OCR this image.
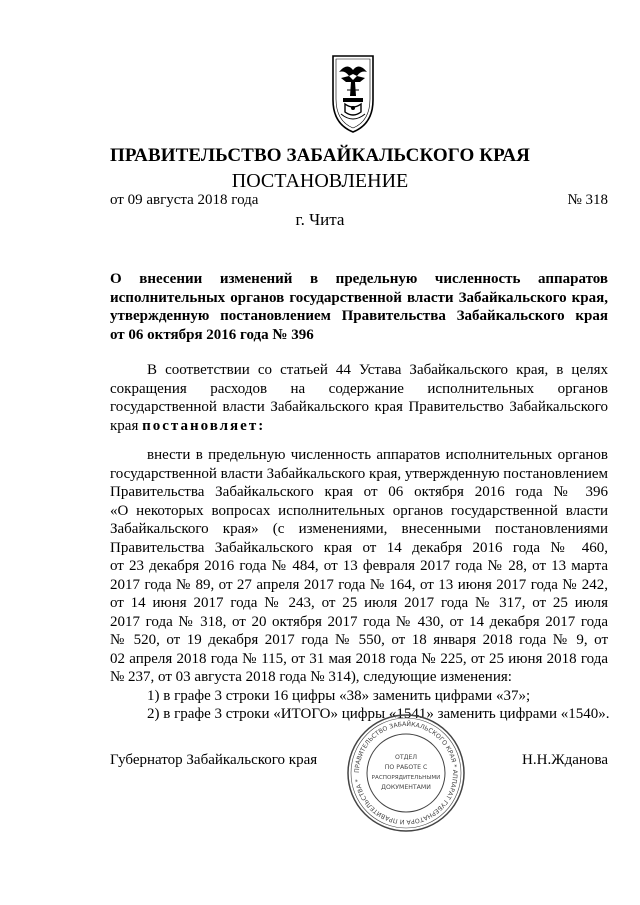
ПРАВИТЕЛЬСТВО ЗАБАЙКАЛЬСКОГО КРАЯ
ПОСТАНОВЛЕНИЕ
от 09 августа 2018 года	№ 318
г. Чита
О внесении изменений в предельную численность аппаратов
исполнительных органов государственной власти Забайкальского края,
утвержденную постановлением Правительства Забайкальского края
от 06 октября 2016 года № 396
В соответствии со статьей 44 Устава Забайкальского края, в целях
сокращения расходов на содержание исполнительных органов
государственной власти Забайкальского края Правительство Забайкальского
края постановляет:
внести в предельную численность аппаратов исполнительных органов
государственной власти Забайкальского края, утвержденную постановлением
Правительства Забайкальского края от 06 октября 2016 года № 396
«О некоторых вопросах исполнительных органов государственной власти
Забайкальского края» (с изменениями, внесенными постановлениями
Правительства Забайкальского края от 14 декабря 2016 года № 460,
от 23 декабря 2016 года № 484, от 13 февраля 2017 года № 28, от 13 марта
2017 года № 89, от 27 апреля 2017 года № 164, от 13 июня 2017 года № 242,
от 14 июня 2017 года № 243, от 25 июля 2017 года № 317, от 25 июля
2017 года № 318, от 20 октября 2017 года № 430, от 14 декабря 2017 года
№ 520, от 19 декабря 2017 года № 550, от 18 января 2018 года № 9, от
02 апреля 2018 года № 115, от 31 мая 2018 года № 225, от 25 июня 2018 года
№ 237, от 03 августа 2018 года № 314), следующие изменения:
1) в графе 3 строки 16 цифры «38» заменить цифрами «37»;
2) в графе 3 строки «ИТОГО» цифры «1541» заменить цифрами «1540».
Губернатор Забайкальского края	Н.Н.Жданова
ПРАВИТЕЛЬСТВО ЗАБАЙКАЛЬСКОГО КРАЯ * АППАРАТ ГУБЕРНАТОРА И ПРАВИТЕЛЬСТВА *
ОТДЕЛ
ПО РАБОТЕ С
РАСПОРЯДИТЕЛЬНЫМИ
ДОКУМЕНТАМИ
